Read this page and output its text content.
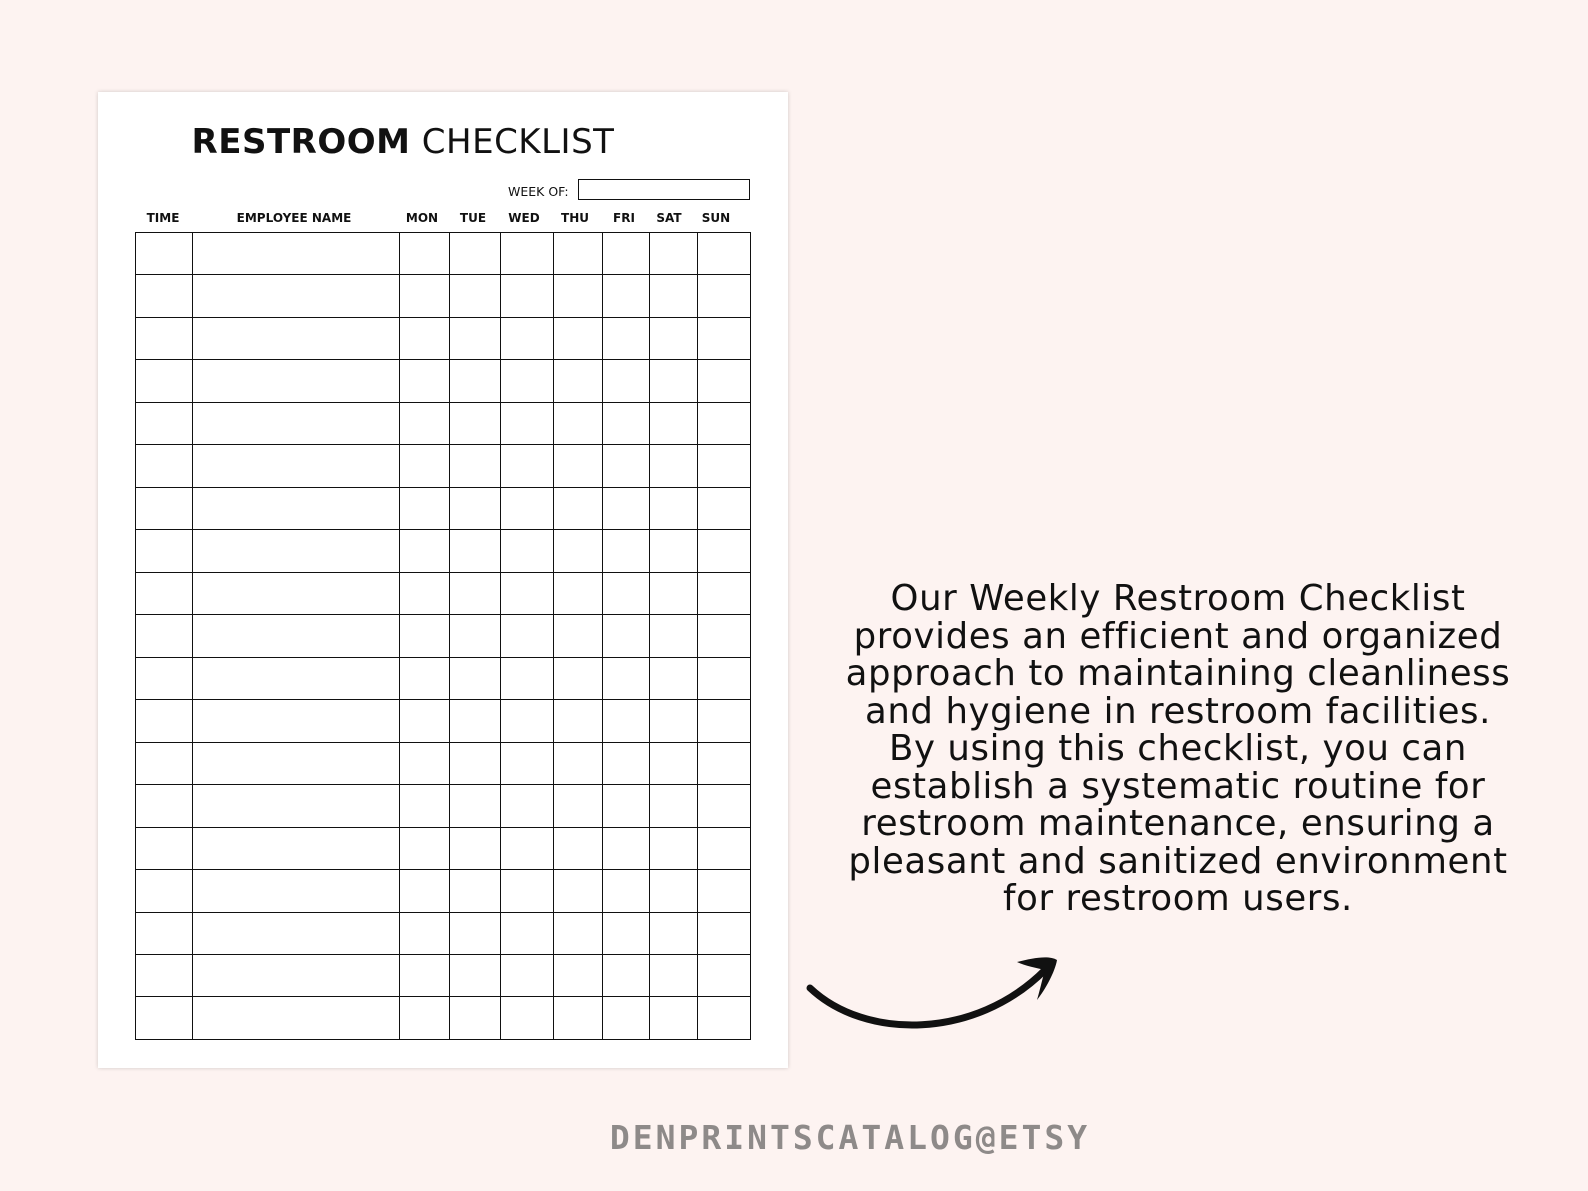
RESTROOM CHECKLIST
WEEK OF:
TIME	EMPLOYEE NAME	MON TUE WED THU FRI SAT SUN

Our Weekly Restroom Checklist
provides an efficient and organized
approach to maintaining cleanliness
and hygiene in restroom facilities.
By using this checklist, you can
establish a systematic routine for
restroom maintenance, ensuring a
pleasant and sanitized environment
for restroom users.
DENPRINTSCATALOG@ETSY
